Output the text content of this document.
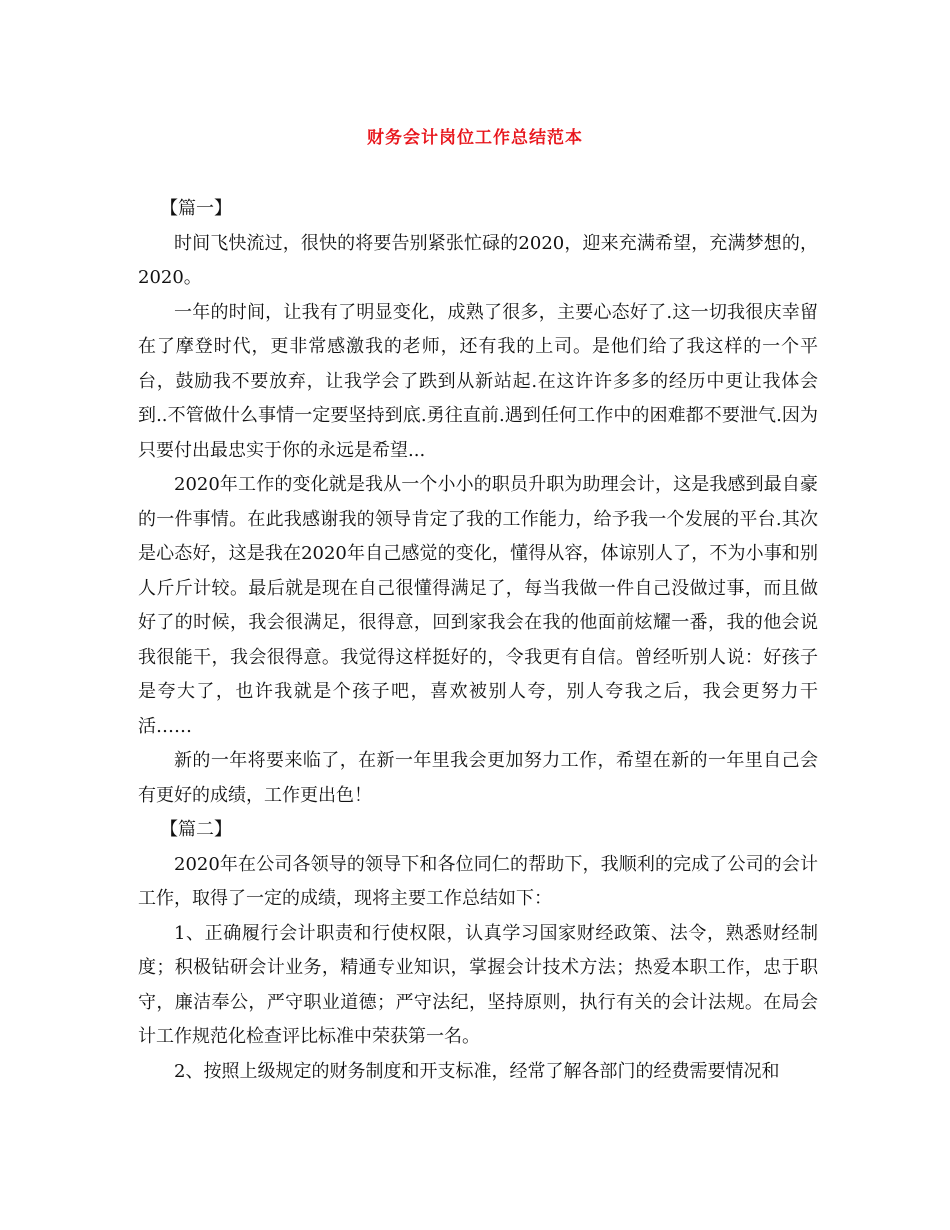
财务会计岗位工作总结范本

【篇一】

时间飞快流过，很快的将要告别紧张忙碌的2020，迎来充满希望，充满梦想的，2020。

一年的时间，让我有了明显变化，成熟了很多，主要心态好了.这一切我很庆幸留在了摩登时代，更非常感激我的老师，还有我的上司。是他们给了我这样的一个平台，鼓励我不要放弃，让我学会了跌到从新站起.在这许许多多的经历中更让我体会到..不管做什么事情一定要坚持到底.勇往直前.遇到任何工作中的困难都不要泄气.因为只要付出最忠实于你的永远是希望...

2020年工作的变化就是我从一个小小的职员升职为助理会计，这是我感到最自豪的一件事情。在此我感谢我的领导肯定了我的工作能力，给予我一个发展的平台.其次是心态好，这是我在2020年自己感觉的变化，懂得从容，体谅别人了，不为小事和别人斤斤计较。最后就是现在自己很懂得满足了，每当我做一件自己没做过事，而且做好了的时候，我会很满足，很得意，回到家我会在我的他面前炫耀一番，我的他会说我很能干，我会很得意。我觉得这样挺好的，令我更有自信。曾经听别人说：好孩子是夸大了，也许我就是个孩子吧，喜欢被别人夸，别人夸我之后，我会更努力干活……

新的一年将要来临了，在新一年里我会更加努力工作，希望在新的一年里自己会有更好的成绩，工作更出色！

【篇二】

2020年在公司各领导的领导下和各位同仁的帮助下，我顺利的完成了公司的会计工作，取得了一定的成绩，现将主要工作总结如下：

1、正确履行会计职责和行使权限，认真学习国家财经政策、法令，熟悉财经制度；积极钻研会计业务，精通专业知识，掌握会计技术方法；热爱本职工作，忠于职守，廉洁奉公，严守职业道德；严守法纪，坚持原则，执行有关的会计法规。在局会计工作规范化检查评比标准中荣获第一名。

2、按照上级规定的财务制度和开支标准，经常了解各部门的经费需要情况和
